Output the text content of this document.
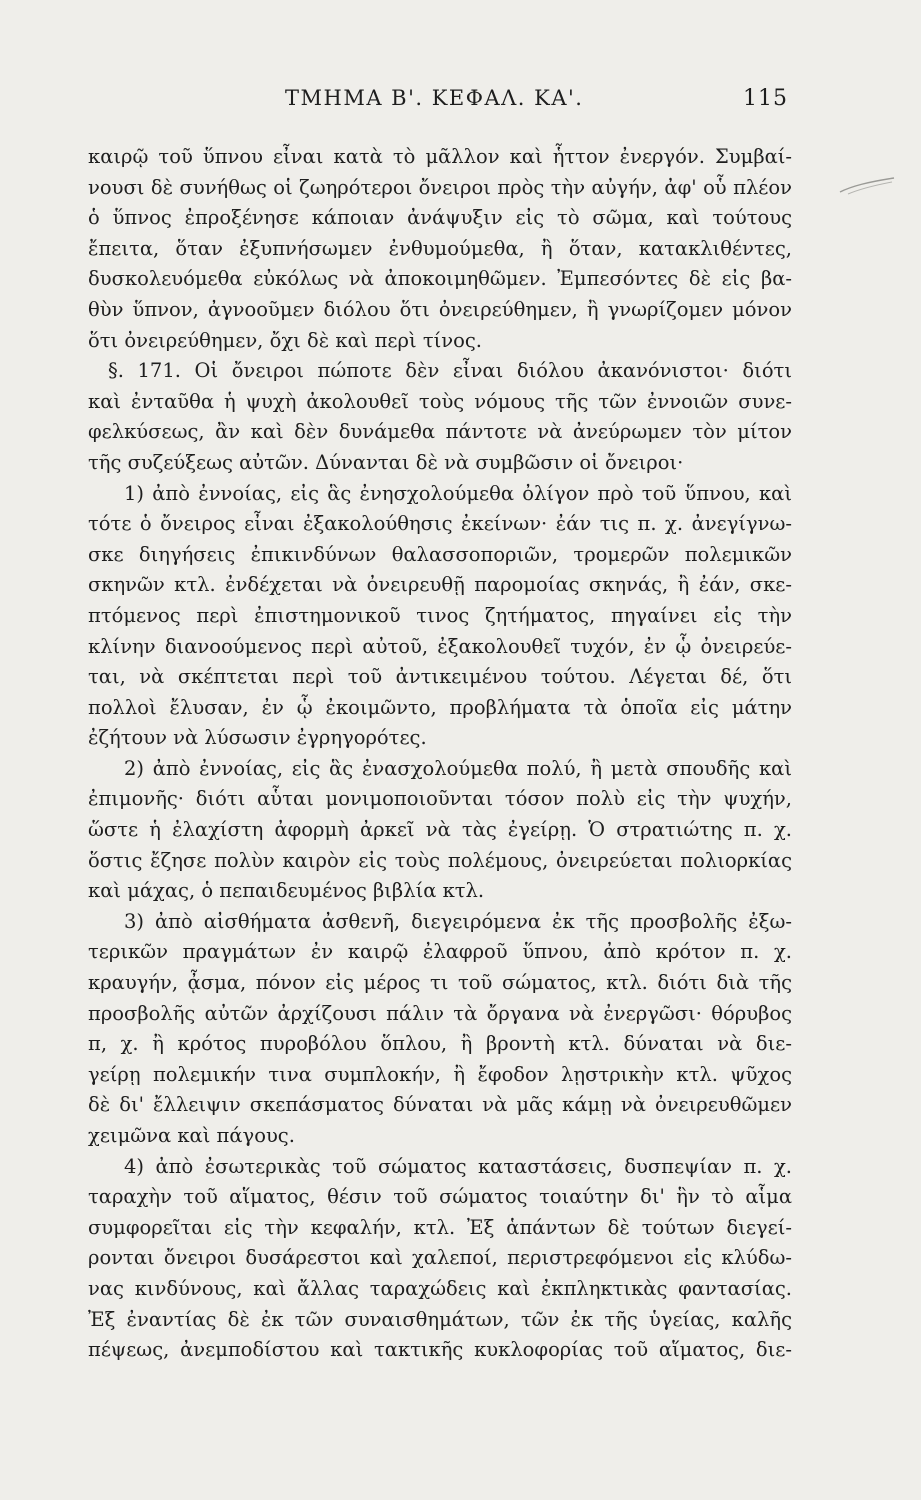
ΤΜΗΜΑ Β'. ΚΕΦΑΛ. ΚΑ'.	115
καιρῷ τοῦ ὕπνου εἶναι κατὰ τὸ μᾶλλον καὶ ἧττον ἐνεργόν. Συμβαί-
νουσι δὲ συνήθως οἱ ζωηρότεροι ὄνειροι πρὸς τὴν αὐγήν, ἀφ' οὗ πλέον
ὁ ὕπνος ἐπροξένησε κάποιαν ἀνάψυξιν εἰς τὸ σῶμα, καὶ τούτους
ἔπειτα, ὅταν ἐξυπνήσωμεν ἐνθυμούμεθα, ἢ ὅταν, κατακλιθέντες,
δυσκολευόμεθα εὐκόλως νὰ ἀποκοιμηθῶμεν. Ἐμπεσόντες δὲ εἰς βα-
θὺν ὕπνον, ἀγνοοῦμεν διόλου ὅτι ὀνειρεύθημεν, ἢ γνωρίζομεν μόνον
ὅτι ὀνειρεύθημεν, ὄχι δὲ καὶ περὶ τίνος.
§. 171. Οἱ ὄνειροι πώποτε δὲν εἶναι διόλου ἀκανόνιστοι· διότι
καὶ ἐνταῦθα ἡ ψυχὴ ἀκολουθεῖ τοὺς νόμους τῆς τῶν ἐννοιῶν συνε-
φελκύσεως, ἂν καὶ δὲν δυνάμεθα πάντοτε νὰ ἀνεύρωμεν τὸν μίτον
τῆς συζεύξεως αὐτῶν. Δύνανται δὲ νὰ συμβῶσιν οἱ ὄνειροι·
1) ἀπὸ ἐννοίας, εἰς ἃς ἐνησχολούμεθα ὀλίγον πρὸ τοῦ ὕπνου, καὶ
τότε ὁ ὄνειρος εἶναι ἐξακολούθησις ἐκείνων· ἐάν τις π. χ. ἀνεγίγνω-
σκε διηγήσεις ἐπικινδύνων θαλασσοποριῶν, τρομερῶν πολεμικῶν
σκηνῶν κτλ. ἐνδέχεται νὰ ὀνειρευθῇ παρομοίας σκηνάς, ἢ ἐάν, σκε-
πτόμενος περὶ ἐπιστημονικοῦ τινος ζητήματος, πηγαίνει εἰς τὴν
κλίνην διανοούμενος περὶ αὐτοῦ, ἐξακολουθεῖ τυχόν, ἐν ᾧ ὀνειρεύε-
ται, νὰ σκέπτεται περὶ τοῦ ἀντικειμένου τούτου. Λέγεται δέ, ὅτι
πολλοὶ ἔλυσαν, ἐν ᾧ ἐκοιμῶντο, προβλήματα τὰ ὁποῖα εἰς μάτην
ἐζήτουν νὰ λύσωσιν ἐγρηγορότες.
2) ἀπὸ ἐννοίας, εἰς ἃς ἐνασχολούμεθα πολύ, ἢ μετὰ σπουδῆς καὶ
ἐπιμονῆς· διότι αὗται μονιμοποιοῦνται τόσον πολὺ εἰς τὴν ψυχήν,
ὥστε ἡ ἐλαχίστη ἀφορμὴ ἀρκεῖ νὰ τὰς ἐγείρῃ. Ὁ στρατιώτης π. χ.
ὅστις ἔζησε πολὺν καιρὸν εἰς τοὺς πολέμους, ὀνειρεύεται πολιορκίας
καὶ μάχας, ὁ πεπαιδευμένος βιβλία κτλ.
3) ἀπὸ αἰσθήματα ἀσθενῆ, διεγειρόμενα ἐκ τῆς προσβολῆς ἐξω-
τερικῶν πραγμάτων ἐν καιρῷ ἐλαφροῦ ὕπνου, ἀπὸ κρότον π. χ.
κραυγήν, ᾆσμα, πόνον εἰς μέρος τι τοῦ σώματος, κτλ. διότι διὰ τῆς
προσβολῆς αὐτῶν ἀρχίζουσι πάλιν τὰ ὄργανα νὰ ἐνεργῶσι· θόρυβος
π, χ. ἢ κρότος πυροβόλου ὅπλου, ἢ βροντὴ κτλ. δύναται νὰ διε-
γείρῃ πολεμικήν τινα συμπλοκήν, ἢ ἔφοδον λῃστρικὴν κτλ. ψῦχος
δὲ δι' ἔλλειψιν σκεπάσματος δύναται νὰ μᾶς κάμῃ νὰ ὀνειρευθῶμεν
χειμῶνα καὶ πάγους.
4) ἀπὸ ἐσωτερικὰς τοῦ σώματος καταστάσεις, δυσπεψίαν π. χ.
ταραχὴν τοῦ αἵματος, θέσιν τοῦ σώματος τοιαύτην δι' ἣν τὸ αἷμα
συμφορεῖται εἰς τὴν κεφαλήν, κτλ. Ἐξ ἁπάντων δὲ τούτων διεγεί-
ρονται ὄνειροι δυσάρεστοι καὶ χαλεποί, περιστρεφόμενοι εἰς κλύδω-
νας κινδύνους, καὶ ἄλλας ταραχώδεις καὶ ἐκπληκτικὰς φαντασίας.
Ἐξ ἐναντίας δὲ ἐκ τῶν συναισθημάτων, τῶν ἐκ τῆς ὑγείας, καλῆς
πέψεως, ἀνεμποδίστου καὶ τακτικῆς κυκλοφορίας τοῦ αἵματος, διε-
